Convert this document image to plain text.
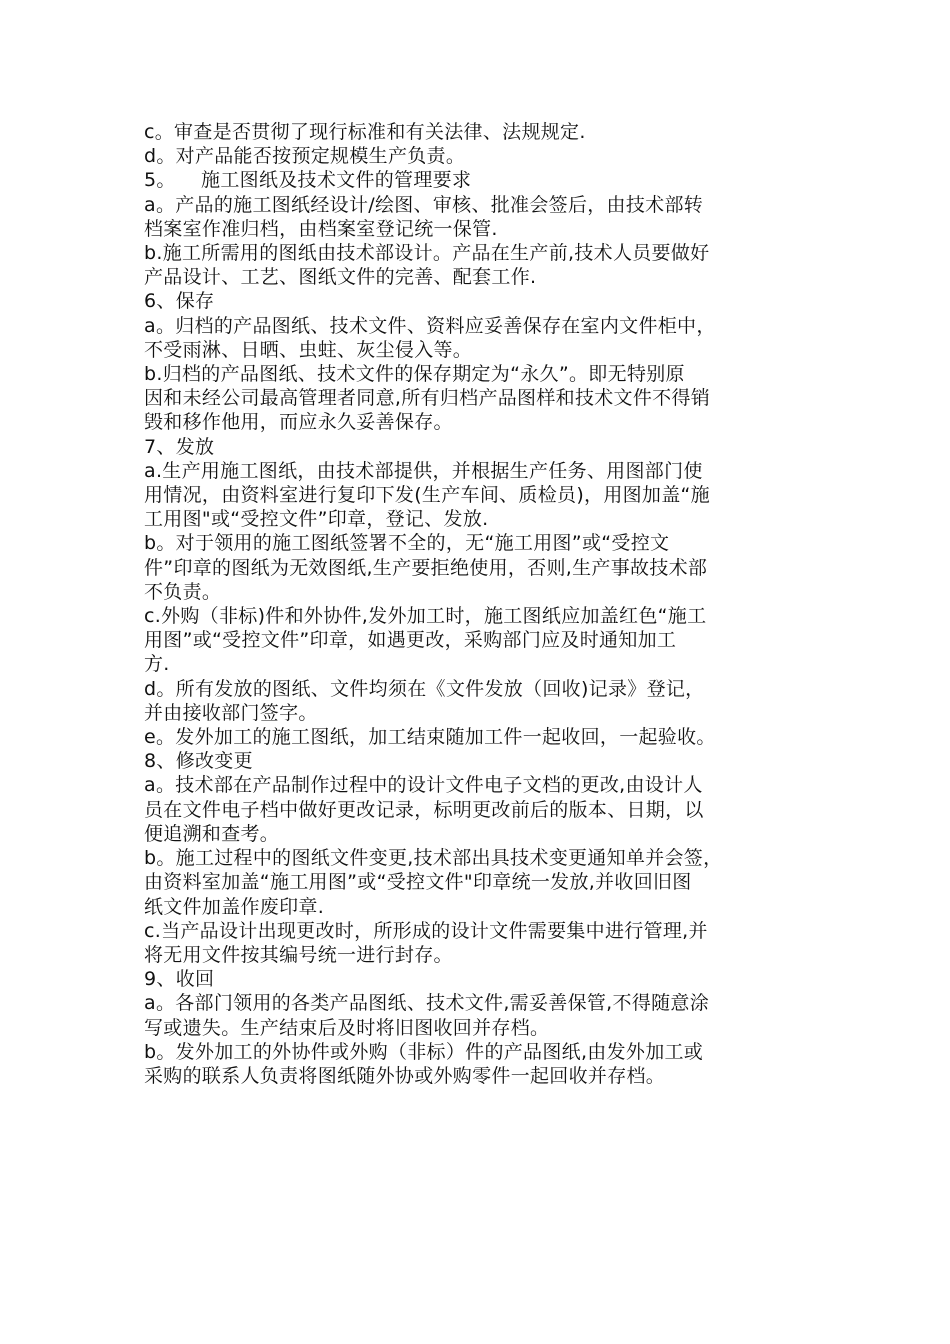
c。审查是否贯彻了现行标准和有关法律、法规规定.

d。对产品能否按预定规模生产负责。

5。    施工图纸及技术文件的管理要求

a。产品的施工图纸经设计/绘图、审核、批准会签后，由技术部转

档案室作准归档，由档案室登记统一保管.

b.施工所需用的图纸由技术部设计。产品在生产前,技术人员要做好

产品设计、工艺、图纸文件的完善、配套工作.

6、保存

a。归档的产品图纸、技术文件、资料应妥善保存在室内文件柜中，

不受雨淋、日晒、虫蛀、灰尘侵入等。

b.归档的产品图纸、技术文件的保存期定为“永久”。即无特别原

因和未经公司最高管理者同意,所有归档产品图样和技术文件不得销

毁和移作他用，而应永久妥善保存。

7、发放

a.生产用施工图纸，由技术部提供，并根据生产任务、用图部门使

用情况，由资料室进行复印下发(生产车间、质检员)，用图加盖“施

工用图"或“受控文件”印章，登记、发放.

b。对于领用的施工图纸签署不全的，无“施工用图”或“受控文

件”印章的图纸为无效图纸,生产要拒绝使用，否则,生产事故技术部

不负责。

c.外购（非标)件和外协件,发外加工时，施工图纸应加盖红色“施工

用图”或“受控文件”印章，如遇更改，采购部门应及时通知加工

方.

d。所有发放的图纸、文件均须在《文件发放（回收)记录》登记，

并由接收部门签字。

e。发外加工的施工图纸，加工结束随加工件一起收回，一起验收。

8、修改变更

a。技术部在产品制作过程中的设计文件电子文档的更改,由设计人

员在文件电子档中做好更改记录，标明更改前后的版本、日期，以

便追溯和查考。

b。施工过程中的图纸文件变更,技术部出具技术变更通知单并会签，

由资料室加盖“施工用图”或“受控文件"印章统一发放,并收回旧图

纸文件加盖作废印章.

c.当产品设计出现更改时，所形成的设计文件需要集中进行管理,并

将无用文件按其编号统一进行封存。

9、收回

a。各部门领用的各类产品图纸、技术文件,需妥善保管,不得随意涂

写或遗失。生产结束后及时将旧图收回并存档。

b。发外加工的外协件或外购（非标）件的产品图纸,由发外加工或

采购的联系人负责将图纸随外协或外购零件一起回收并存档。
